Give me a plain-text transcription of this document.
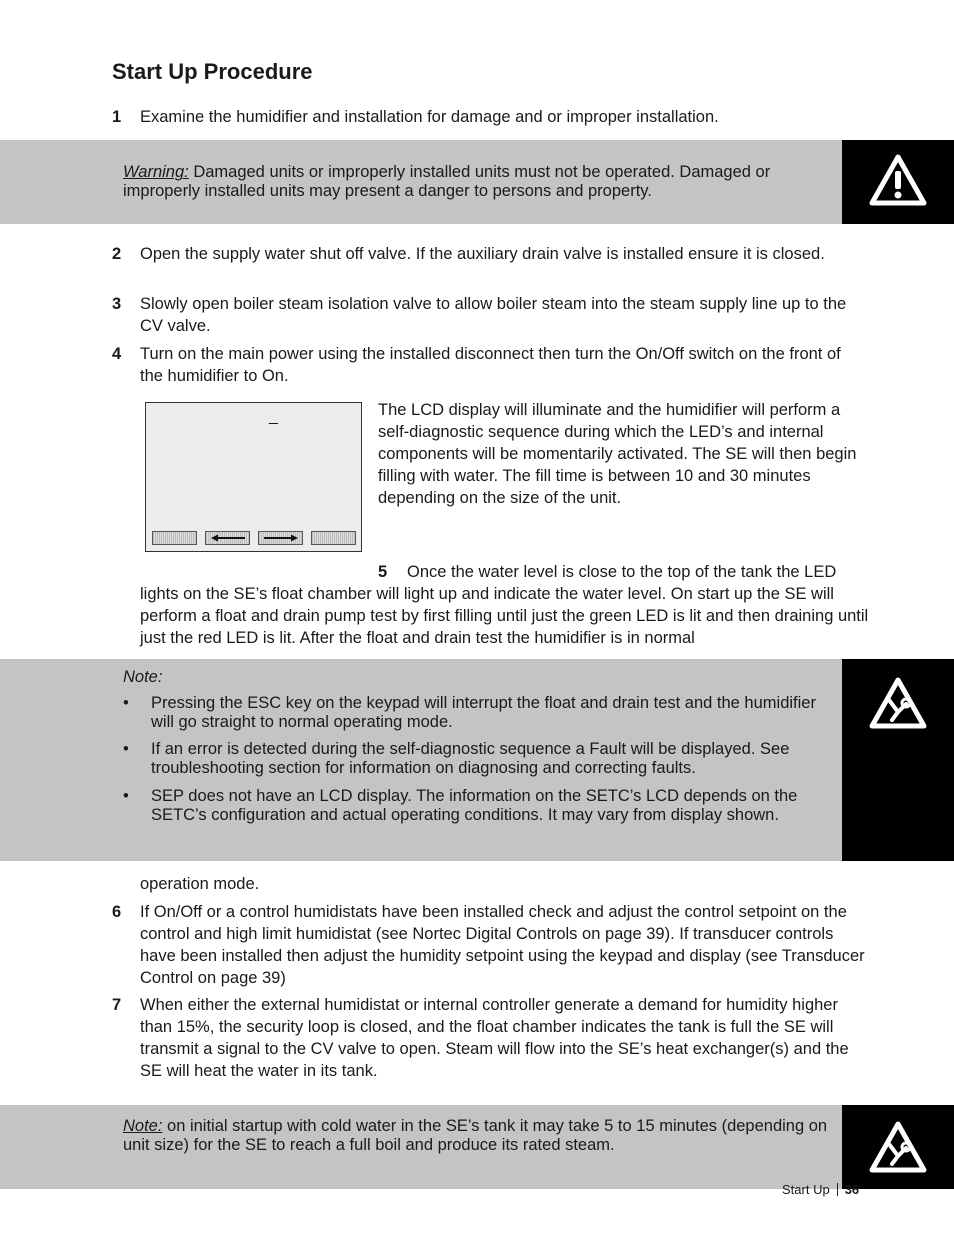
Start Up Procedure
1 Examine the humidifier and installation for damage and or improper installation.
Warning: Damaged units or improperly installed units must not be operated. Damaged or improperly installed units may present a danger to persons and property.
2 Open the supply water shut off valve. If the auxiliary drain valve is installed ensure it is closed.
3 Slowly open boiler steam isolation valve to allow boiler steam into the steam supply line up to the CV valve.
4 Turn on the main power using the installed disconnect then turn the On/Off switch on the front of the humidifier to On.
_	The LCD display will illuminate and the humidifier will perform a self-diagnostic sequence during which the LED’s and internal components will be momentarily activated. The SE will then begin filling with water. The fill time is between 10 and 30 minutes depending on the size of the unit.
5 Once the water level is close to the top of the tank the LED
lights on the SE’s float chamber will light up and indicate the water level. On start up the SE will perform a float and drain pump test by first filling until just the green LED is lit and then draining until just the red LED is lit. After the float and drain test the humidifier is in normal
Note:
• Pressing the ESC key on the keypad will interrupt the float and drain test and the humidifier will go straight to normal operating mode.
• If an error is detected during the self-diagnostic sequence a Fault will be displayed. See troubleshooting section for information on diagnosing and correcting faults.
• SEP does not have an LCD display. The information on the SETC’s LCD depends on the SETC’s configuration and actual operating conditions. It may vary from display shown.
operation mode.
6 If On/Off or a control humidistats have been installed check and adjust the control setpoint on the control and high limit humidistat (see Nortec Digital Controls on page 39). If transducer controls have been installed then adjust the humidity setpoint using the keypad and display (see Transducer Control on page 39)
7 When either the external humidistat or internal controller generate a demand for humidity higher than 15%, the security loop is closed, and the float chamber indicates the tank is full the SE will transmit a signal to the CV valve to open. Steam will flow into the SE’s heat exchanger(s) and the SE will heat the water in its tank.
Note: on initial startup with cold water in the SE’s tank it may take 5 to 15 minutes (depending on unit size) for the SE to reach a full boil and produce its rated steam.
Start Up 36
